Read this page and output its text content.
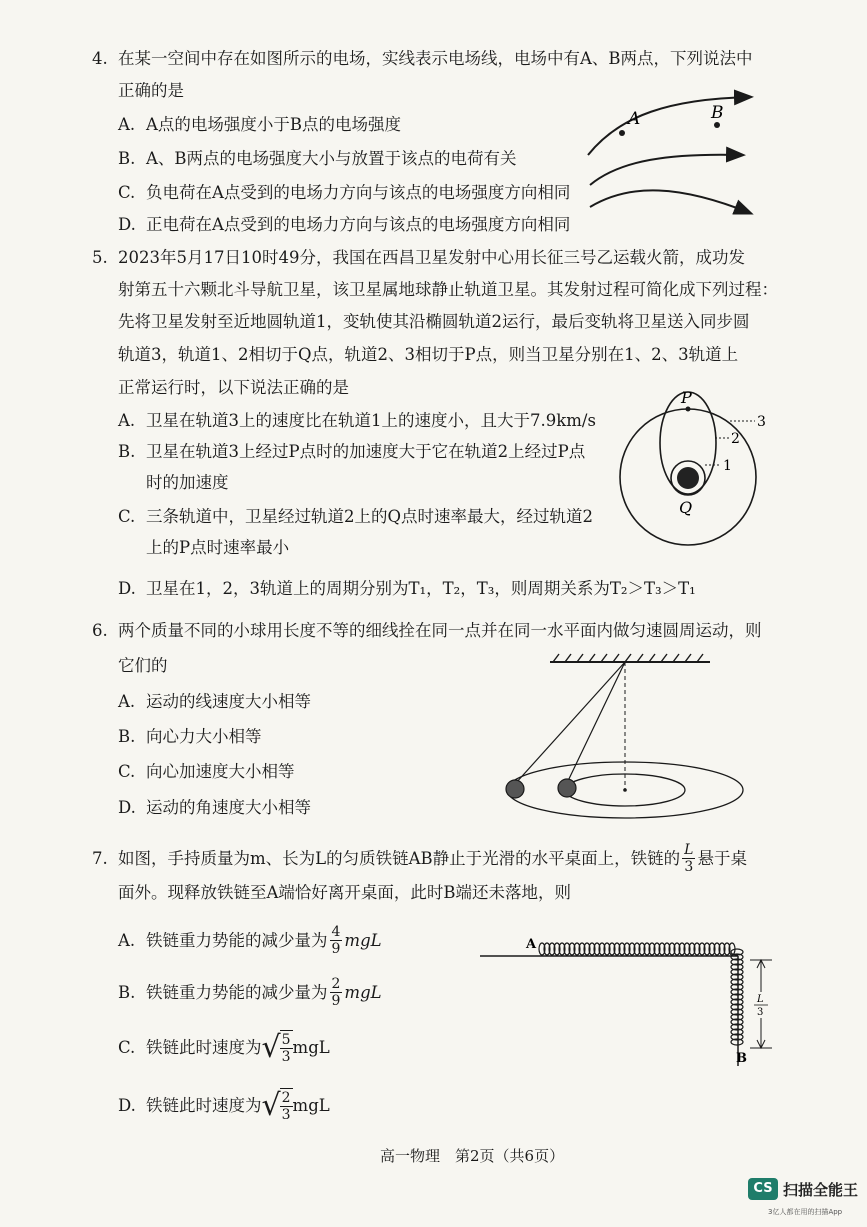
4. 在某一空间中存在如图所示的电场，实线表示电场线，电场中有A、B两点，下列说法中
正确的是
A. A点的电场强度小于B点的电场强度
B. A、B两点的电场强度大小与放置于该点的电荷有关
C. 负电荷在A点受到的电场力方向与该点的电场强度方向相同
D. 正电荷在A点受到的电场力方向与该点的电场强度方向相同
A	B
5. 2023年5月17日10时49分，我国在西昌卫星发射中心用长征三号乙运载火箭，成功发
射第五十六颗北斗导航卫星，该卫星属地球静止轨道卫星。其发射过程可简化成下列过程：
先将卫星发射至近地圆轨道1，变轨使其沿椭圆轨道2运行，最后变轨将卫星送入同步圆
轨道3，轨道1、2相切于Q点，轨道2、3相切于P点，则当卫星分别在1、2、3轨道上
正常运行时，以下说法正确的是
A. 卫星在轨道3上的速度比在轨道1上的速度小，且大于7.9km/s
B. 卫星在轨道3上经过P点时的加速度大于它在轨道2上经过P点
时的加速度
C. 三条轨道中，卫星经过轨道2上的Q点时速率最大，经过轨道2
上的P点时速率最小
D. 卫星在1，2，3轨道上的周期分别为T₁，T₂，T₃，则周期关系为T₂＞T₃＞T₁
P
Q
1
2
3
6. 两个质量不同的小球用长度不等的细线拴在同一点并在同一水平面内做匀速圆周运动，则
它们的
A. 运动的线速度大小相等
B. 向心力大小相等
C. 向心加速度大小相等
D. 运动的角速度大小相等
7. 如图，手持质量为m、长为L的匀质铁链AB静止于光滑的水平桌面上，铁链的 $\frac{L}{3}$ 悬于桌
面外。现释放铁链至A端恰好离开桌面，此时B端还未落地，则
A. 铁链重力势能的减少量为 $\frac{4}{9}$ mgL
B. 铁链重力势能的减少量为 $\frac{2}{9}$ mgL
C. 铁链此时速度为 √ $\frac{5}{3}$ mgL
D. 铁链此时速度为 √ $\frac{2}{3}$ mgL
A
L
3
B
高一物理　第2页（共6页）
CS 扫描全能王
3亿人都在用的扫描App
